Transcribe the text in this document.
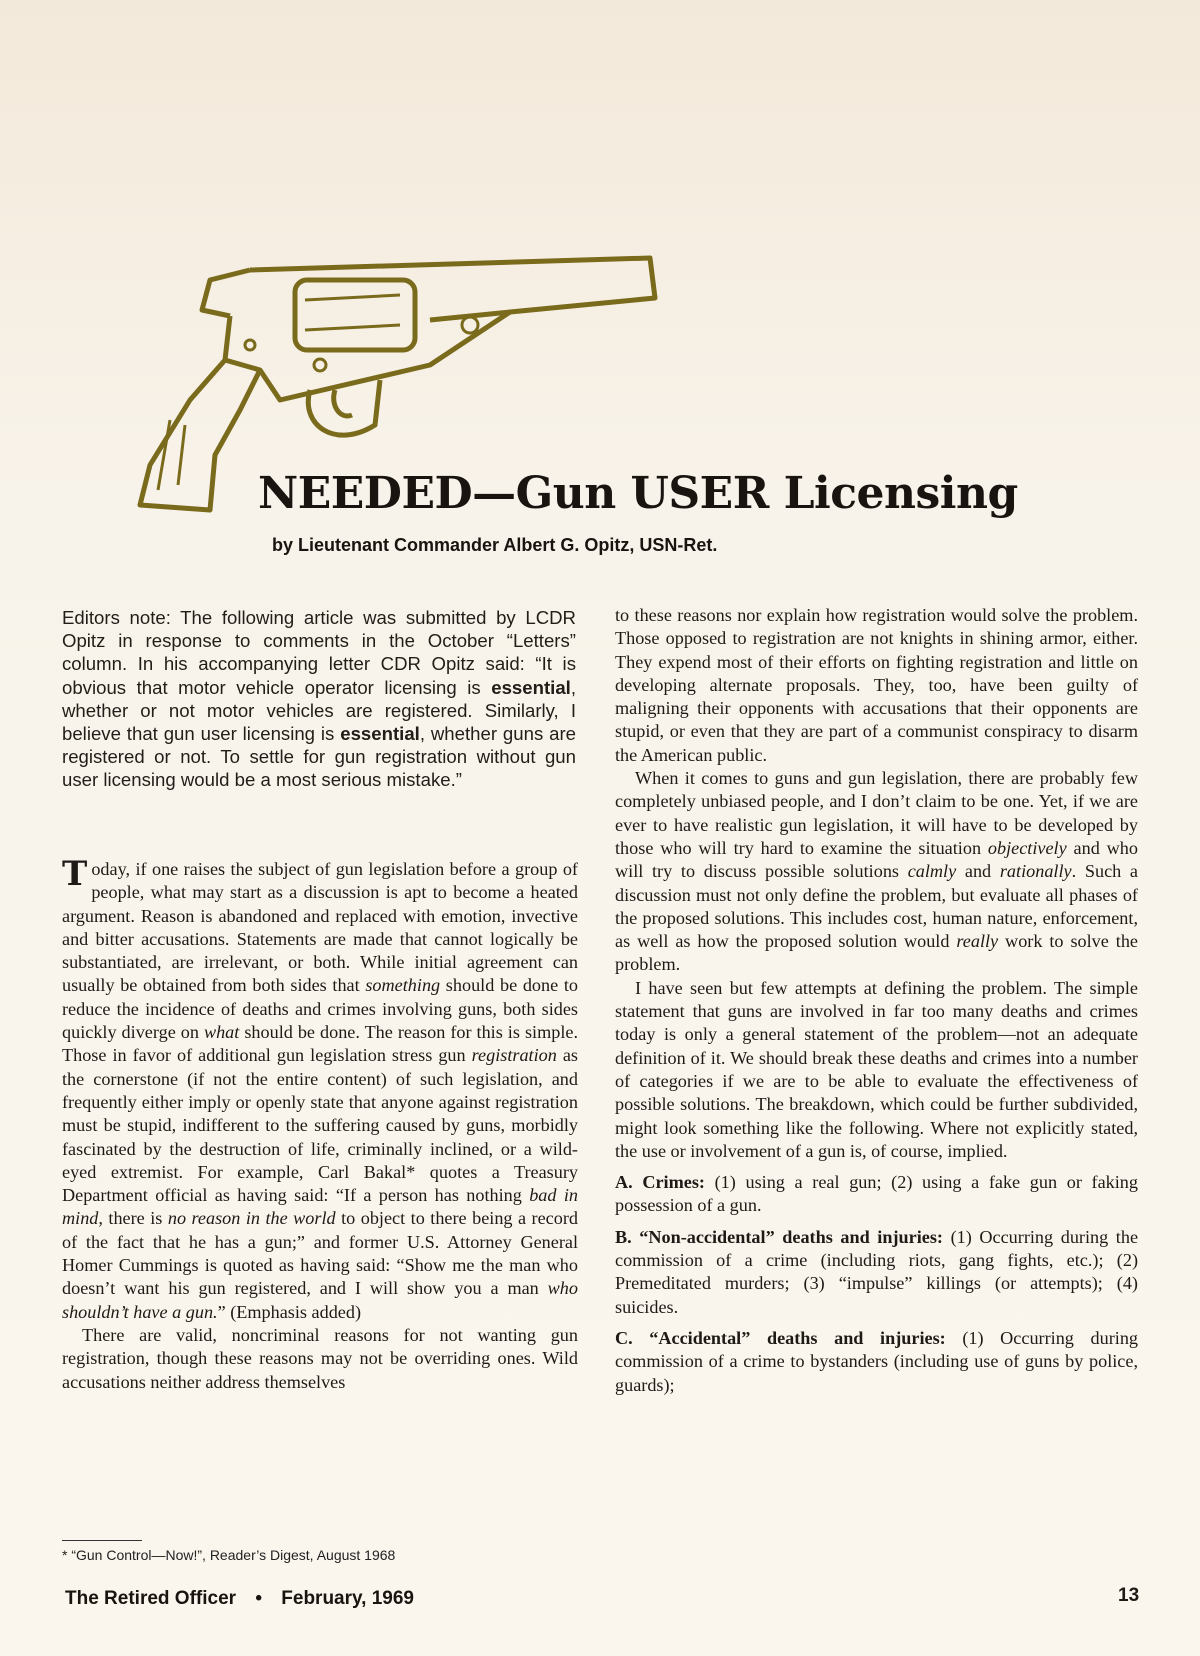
NEEDED—Gun USER Licensing

by Lieutenant Commander Albert G. Opitz, USN-Ret.

Editors note: The following article was submitted by LCDR Opitz in response to comments in the October “Letters” column. In his accompanying letter CDR Opitz said: “It is obvious that motor vehicle operator licensing is essential, whether or not motor vehicles are registered. Similarly, I believe that gun user licensing is essential, whether guns are registered or not. To settle for gun registration without gun user licensing would be a most serious mistake.”

Today, if one raises the subject of gun legislation before a group of people, what may start as a discussion is apt to become a heated argument. Reason is abandoned and replaced with emotion, invective and bitter accusations. Statements are made that cannot logically be substantiated, are irrelevant, or both. While initial agreement can usually be obtained from both sides that something should be done to reduce the incidence of deaths and crimes involving guns, both sides quickly diverge on what should be done. The reason for this is simple. Those in favor of additional gun legislation stress gun registration as the cornerstone (if not the entire content) of such legislation, and frequently either imply or openly state that anyone against registration must be stupid, indifferent to the suffering caused by guns, morbidly fascinated by the destruction of life, criminally inclined, or a wild-eyed extremist. For example, Carl Bakal* quotes a Treasury Department official as having said: “If a person has nothing bad in mind, there is no reason in the world to object to there being a record of the fact that he has a gun;” and former U.S. Attorney General Homer Cummings is quoted as having said: “Show me the man who doesn’t want his gun registered, and I will show you a man who shouldn’t have a gun.” (Emphasis added)

There are valid, noncriminal reasons for not wanting gun registration, though these reasons may not be overriding ones. Wild accusations neither address themselves

to these reasons nor explain how registration would solve the problem. Those opposed to registration are not knights in shining armor, either. They expend most of their efforts on fighting registration and little on developing alternate proposals. They, too, have been guilty of maligning their opponents with accusations that their opponents are stupid, or even that they are part of a communist conspiracy to disarm the American public.

When it comes to guns and gun legislation, there are probably few completely unbiased people, and I don’t claim to be one. Yet, if we are ever to have realistic gun legislation, it will have to be developed by those who will try hard to examine the situation objectively and who will try to discuss possible solutions calmly and rationally. Such a discussion must not only define the problem, but evaluate all phases of the proposed solutions. This includes cost, human nature, enforcement, as well as how the proposed solution would really work to solve the problem.

I have seen but few attempts at defining the problem. The simple statement that guns are involved in far too many deaths and crimes today is only a general statement of the problem—not an adequate definition of it. We should break these deaths and crimes into a number of categories if we are to be able to evaluate the effectiveness of possible solutions. The breakdown, which could be further subdivided, might look something like the following. Where not explicitly stated, the use or involvement of a gun is, of course, implied.

A. Crimes: (1) using a real gun; (2) using a fake gun or faking possession of a gun.
B. “Non-accidental” deaths and injuries: (1) Occurring during the commission of a crime (including riots, gang fights, etc.); (2) Premeditated murders; (3) “impulse” killings (or attempts); (4) suicides.
C. “Accidental” deaths and injuries: (1) Occurring during commission of a crime to bystanders (including use of guns by police, guards);
* “Gun Control—Now!”, Reader’s Digest, August 1968
The Retired Officer • February, 1969	13
